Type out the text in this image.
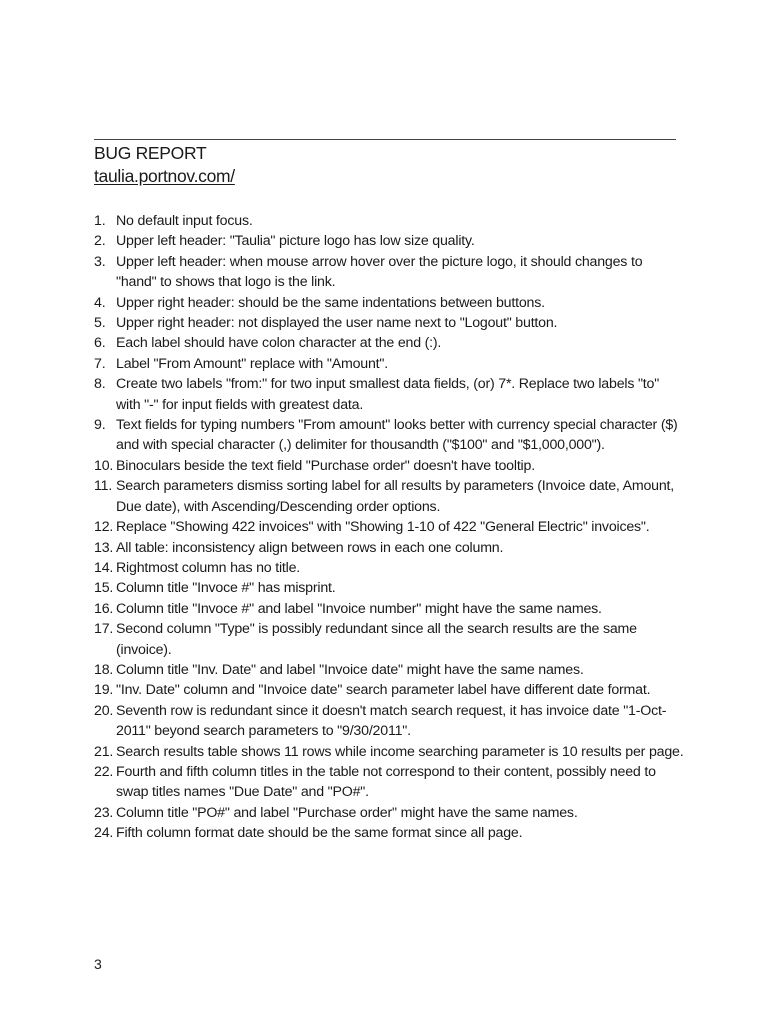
BUG REPORT
taulia.portnov.com/
1. No default input focus.
2. Upper left header: "Taulia" picture logo has low size quality.
3. Upper left header: when mouse arrow hover over the picture logo, it should changes to "hand" to shows that logo is the link.
4. Upper right header: should be the same indentations between buttons.
5. Upper right header: not displayed the user name next to "Logout" button.
6. Each label should have colon character at the end (:).
7. Label "From Amount" replace with "Amount".
8. Create two labels "from:" for two input smallest data fields, (or) 7*. Replace two labels "to" with "-" for input fields with greatest data.
9. Text fields for typing numbers "From amount" looks better with currency special character ($) and with special character (,) delimiter for thousandth ("$100" and "$1,000,000").
10. Binoculars beside the text field "Purchase order" doesn't have tooltip.
11. Search parameters dismiss sorting label for all results by parameters (Invoice date, Amount, Due date), with Ascending/Descending order options.
12. Replace "Showing 422 invoices" with "Showing 1-10 of 422 "General Electric" invoices".
13. All table: inconsistency align between rows in each one column.
14. Rightmost column has no title.
15. Column title "Invoce #" has misprint.
16. Column title "Invoce #" and label "Invoice number" might have the same names.
17. Second column "Type" is possibly redundant since all the search results are the same (invoice).
18. Column title "Inv. Date" and label "Invoice date" might have the same names.
19. "Inv. Date" column and "Invoice date" search parameter label have different date format.
20. Seventh row is redundant since it doesn't match search request, it has invoice date "1-Oct-2011" beyond search parameters to "9/30/2011".
21. Search results table shows 11 rows while income searching parameter is 10 results per page.
22. Fourth and fifth column titles in the table not correspond to their content, possibly need to swap titles names "Due Date" and "PO#".
23. Column title "PO#" and label "Purchase order" might have the same names.
24. Fifth column format date should be the same format since all page.
3
